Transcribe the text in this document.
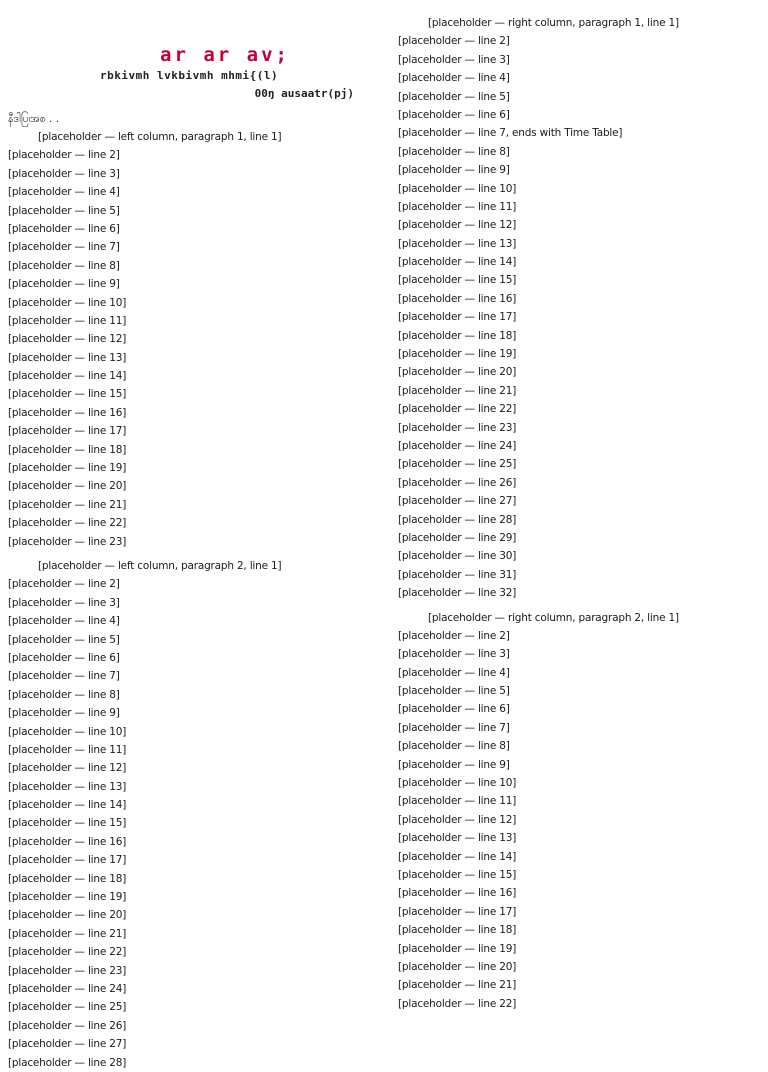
ar ar av;
rbkivmh lvkbivmh mhmi{(l)
00ŋ ausaatr(pj)
နီဒါပြ၊အစ . .
[placeholder — left column, paragraph 1, line 1]
[placeholder — line 2]
[placeholder — line 3]
[placeholder — line 4]
[placeholder — line 5]
[placeholder — line 6]
[placeholder — line 7]
[placeholder — line 8]
[placeholder — line 9]
[placeholder — line 10]
[placeholder — line 11]
[placeholder — line 12]
[placeholder — line 13]
[placeholder — line 14]
[placeholder — line 15]
[placeholder — line 16]
[placeholder — line 17]
[placeholder — line 18]
[placeholder — line 19]
[placeholder — line 20]
[placeholder — line 21]
[placeholder — line 22]
[placeholder — line 23]
[placeholder — left column, paragraph 2, line 1]
[placeholder — line 2]
[placeholder — line 3]
[placeholder — line 4]
[placeholder — line 5]
[placeholder — line 6]
[placeholder — line 7]
[placeholder — line 8]
[placeholder — line 9]
[placeholder — line 10]
[placeholder — line 11]
[placeholder — line 12]
[placeholder — line 13]
[placeholder — line 14]
[placeholder — line 15]
[placeholder — line 16]
[placeholder — line 17]
[placeholder — line 18]
[placeholder — line 19]
[placeholder — line 20]
[placeholder — line 21]
[placeholder — line 22]
[placeholder — line 23]
[placeholder — line 24]
[placeholder — line 25]
[placeholder — line 26]
[placeholder — line 27]
[placeholder — line 28]
[placeholder — right column, paragraph 1, line 1]
[placeholder — line 2]
[placeholder — line 3]
[placeholder — line 4]
[placeholder — line 5]
[placeholder — line 6]
[placeholder — line 7, ends with Time Table]
[placeholder — line 8]
[placeholder — line 9]
[placeholder — line 10]
[placeholder — line 11]
[placeholder — line 12]
[placeholder — line 13]
[placeholder — line 14]
[placeholder — line 15]
[placeholder — line 16]
[placeholder — line 17]
[placeholder — line 18]
[placeholder — line 19]
[placeholder — line 20]
[placeholder — line 21]
[placeholder — line 22]
[placeholder — line 23]
[placeholder — line 24]
[placeholder — line 25]
[placeholder — line 26]
[placeholder — line 27]
[placeholder — line 28]
[placeholder — line 29]
[placeholder — line 30]
[placeholder — line 31]
[placeholder — line 32]
[placeholder — right column, paragraph 2, line 1]
[placeholder — line 2]
[placeholder — line 3]
[placeholder — line 4]
[placeholder — line 5]
[placeholder — line 6]
[placeholder — line 7]
[placeholder — line 8]
[placeholder — line 9]
[placeholder — line 10]
[placeholder — line 11]
[placeholder — line 12]
[placeholder — line 13]
[placeholder — line 14]
[placeholder — line 15]
[placeholder — line 16]
[placeholder — line 17]
[placeholder — line 18]
[placeholder — line 19]
[placeholder — line 20]
[placeholder — line 21]
[placeholder — line 22]
